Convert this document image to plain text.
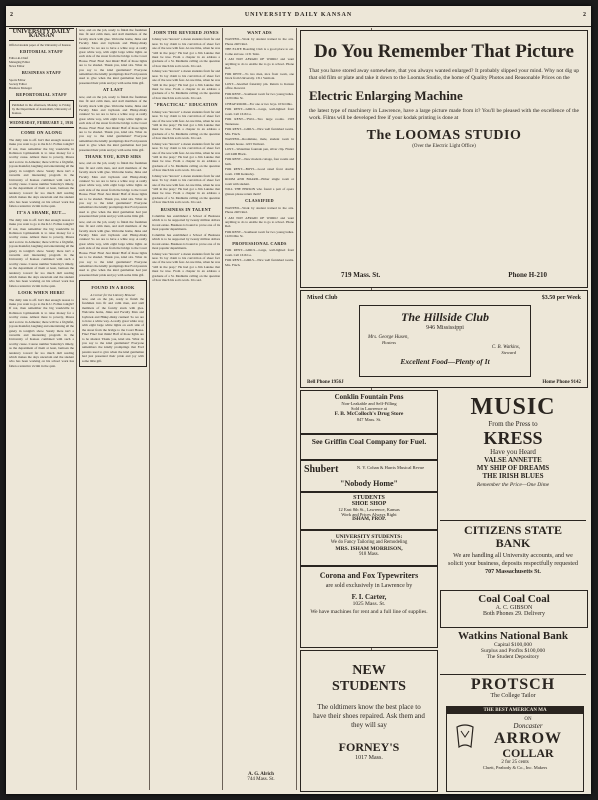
2	UNIVERSITY DAILY KANSAN	2
UNIVERSITY DAILY KANSAN
Official student paper of the University of Kansas
EDITORIAL STAFF
Editor-in-Chief
Managing Editor
News Editor
BUSINESS STAFF
Sports Editor
Society Editor
Business Manager
REPORTORIAL STAFF
Published in the afternoon, Monday to Friday, by the Department of Journalism, University of Kansas.
WEDNESDAY, FEBRUARY 2, 1916
COME ON ALONG

The daily rule is off. Isn't that enough reason to make you want to go to the K.U. Follies tonight? If not, then remember the big vaudeville in Robinson Gymnasium is to raise money for a worthy cause. Almost there is poverty, illness and sorrow in Armenia; there will be a frightful, joyous thankful, laughing and entertaining all the gaiety in tonight's show. Surely there isn't a versatile and interesting program in the University of Kansas combined with such a worthy cause. Course number Saturday's timely, as the department of them at least, bemoan the tendency toward far too much dull reading which makes the days uncertain and the student who has been working on his school work has fallen a tentative victim in the quiz.

IT'S A SHAME, BUT—

The daily rule is off. Isn't that enough reason to make you want to go to the K.U. Follies tonight? If not, then remember the big vaudeville in Robinson Gymnasium is to raise money for a worthy cause. Almost there is poverty, illness and sorrow in Armenia; there will be a frightful, joyous thankful, laughing and entertaining all the gaiety in tonight's show. Surely there isn't a versatile and interesting program in the University of Kansas combined with such a worthy cause. Course number Saturday's timely, as the department of them at least, bemoan the tendency toward far too much dull reading which makes the days uncertain and the student who has been working on his school work has fallen a tentative victim in the quiz.

LOOK WHEN HERE!

The daily rule is off. Isn't that enough reason to make you want to go to the K.U. Follies tonight? If not, then remember the big vaudeville in Robinson Gymnasium is to raise money for a worthy cause. Almost there is poverty, illness and sorrow in Armenia; there will be a frightful, joyous thankful, laughing and entertaining all the gaiety in tonight's show. Surely there isn't a versatile and interesting program in the University of Kansas combined with such a worthy cause. Course number Saturday's timely, as the department of them at least, bemoan the tendency toward far too much dull reading which makes the days uncertain and the student who has been working on his school work has fallen a tentative victim in the quiz.

now, and on the job, ready to finish the freshmen into fit and calm men, and stall members of the faculty stuck with glee. Welcome home, Jinks and Faculty Man and Jayhawk and Hinky-dinky canines! So we are to have a white way. A really great white way, with eight large white lights on each side of the street from the bridge to the Court House. Fine! Fine! Just think! Half of those lights are to be shaded. Thank you, kind sirs. What do you say to the kind gentleman? Everyone remembers the kindly promptings that Ford parents used to give when the kind gentleman had just presented their pride and joy with some little gift.

AT LAST

now, and on the job, ready to finish the freshmen into fit and calm men, and stall members of the faculty stuck with glee. Welcome home, Jinks and Faculty Man and Jayhawk and Hinky-dinky canines! So we are to have a white way. A really great white way, with eight large white lights on each side of the street from the bridge to the Court House. Fine! Fine! Just think! Half of those lights are to be shaded. Thank you, kind sirs. What do you say to the kind gentleman? Everyone remembers the kindly promptings that Ford parents used to give when the kind gentleman had just presented their pride and joy with some little gift.

THANK YOU, KIND SIRS

now, and on the job, ready to finish the freshmen into fit and calm men, and stall members of the faculty stuck with glee. Welcome home, Jinks and Faculty Man and Jayhawk and Hinky-dinky canines! So we are to have a white way. A really great white way, with eight large white lights on each side of the street from the bridge to the Court House. Fine! Fine! Just think! Half of those lights are to be shaded. Thank you, kind sirs. What do you say to the kind gentleman? Everyone remembers the kindly promptings that Ford parents used to give when the kind gentleman had just presented their pride and joy with some little gift.

now, and on the job, ready to finish the freshmen into fit and calm men, and stall members of the faculty stuck with glee. Welcome home, Jinks and Faculty Man and Jayhawk and Hinky-dinky canines! So we are to have a white way. A really great white way, with eight large white lights on each side of the street from the bridge to the Court House. Fine! Fine! Just think! Half of those lights are to be shaded. Thank you, kind sirs. What do you say to the kind gentleman? Everyone remembers the kindly promptings that Ford parents used to give when the kind gentleman had just presented their pride and joy with some little gift.

FOUND IN A BOOK
A Corner for the Literary Browser

now, and on the job, ready to finish the freshmen into fit and calm men, and stall members of the faculty stuck with glee. Welcome home, Jinks and Faculty Man and Jayhawk and Hinky-dinky canines! So we are to have a white way. A really great white way, with eight large white lights on each side of the street from the bridge to the Court House. Fine! Fine! Just think! Half of those lights are to be shaded. Thank you, kind sirs. What do you say to the kind gentleman? Everyone remembers the kindly promptings that Ford parents used to give when the kind gentleman had just presented their pride and joy with some little gift.

JOHN THE REVERED JONES

Johnny was "known" a dozen students from far and near. To lay claim to his conviction of sheer fact one of the wee with fear. At one time, when he was "still in the prep," He had got a Jim Lundee that must be true. From a chapter in an address a graduate of a St. Mediums calling on the question of how much his son's work. It is sad.

Johnny was "known" a dozen students from far and near. To lay claim to his conviction of sheer fact one of the wee with fear. At one time, when he was "still in the prep," He had got a Jim Lundee that must be true. From a chapter in an address a graduate of a St. Mediums calling on the question of how much his son's work. It is sad.

"PRACTICAL" EDUCATION

Johnny was "known" a dozen students from far and near. To lay claim to his conviction of sheer fact one of the wee with fear. At one time, when he was "still in the prep," He had got a Jim Lundee that must be true. From a chapter in an address a graduate of a St. Mediums calling on the question of how much his son's work. It is sad.

Johnny was "known" a dozen students from far and near. To lay claim to his conviction of sheer fact one of the wee with fear. At one time, when he was "still in the prep," He had got a Jim Lundee that must be true. From a chapter in an address a graduate of a St. Mediums calling on the question of how much his son's work. It is sad.

Johnny was "known" a dozen students from far and near. To lay claim to his conviction of sheer fact one of the wee with fear. At one time, when he was "still in the prep," He had got a Jim Lundee that must be true. From a chapter in an address a graduate of a St. Mediums calling on the question of how much his son's work. It is sad.

BUSINESS IN TALENT

Columbia has established a School of Business which is to be supported by twenty million dollars in real estate. Business is bound to prove one of its most popular departments.

Columbia has established a School of Business which is to be supported by twenty million dollars in real estate. Business is bound to prove one of its most popular departments.

Johnny was "known" a dozen students from far and near. To lay claim to his conviction of sheer fact one of the wee with fear. At one time, when he was "still in the prep," He had got a Jim Lundee that must be true. From a chapter in an address a graduate of a St. Mediums calling on the question of how much his son's work. It is sad.

WANT ADS

WANTED—Work by student trained in the arts. Phone 2403 Red.

THE ELITE Boarding Club is a good place to eat. Come and see. 1131 Tenn.

I AM NOT AFRAID OF WORK! and want anything to do to enable me to go to school. Phone Red.

FOR RENT—To two men, nice front room, one block from University. 1311 Vermont.

LOST—Jewelled fraternity pin. Return to Kansan office. Reward.

FOR RENT—Southeast room for two young ladies. 1229 Ohio St.

CHEAP ROOM—For one or two boys. 1034 Ohio.

FOR RENT—GIRLS—Large, well-lighted front room. Call 1616 La.

FOR RENT—TWO—Two large rooms. 1303 Tennessee.

FOR RENT—GIRLS—Nice well furnished rooms. Mrs. Finch.

WANTED—Roommate, male, student room in modern house. 1223 Vermont.

LOST—Waterman fountain pen, silver clip. Finder call 2406 Black.

FOR RENT—New modern cottage, four rooms and bath.

FOR RENT—BOYS—Good sized front double room. 1306 Kentucky.

ROOM AND BOARD—Either single room or room with student.

WILL THE PERSON who found a pair of opera glasses please return them?

CLASSIFIED

WANTED—Work by student trained in the arts. Phone 2403 Red.

I AM NOT AFRAID OF WORK! and want anything to do to enable me to go to school. Phone Red.

FOR RENT—Southeast room for two young ladies. 1229 Ohio St.

PROFESSIONAL CARDS

FOR RENT—GIRLS—Large, well-lighted front room. Call 1616 La.

FOR RENT—GIRLS—Nice well furnished rooms. Mrs. Finch.

Do You Remember That Picture
That you have stored away somewhere, that you always wanted enlarged? It probably slipped your mind. Why not dig up that old film or plate and take it down to the Loomas Studio, the home of Quality Photos and Reasonable Prices on the
Electric Enlarging Machine
the latest type of machinery in Lawrence, have a large picture made from it? You'll be pleased with the excellence of the work. Films will be developed free if your kodak printing is done at
The LOOMAS STUDIO
(Over the Electric Light Office)
719 Mass. St.	Phone H-210
Mixed Club	$3.50 per Week
The Hillside Club
946 Mississippi
Mrs. George Husen,
Hostess
C. B. Watkins,
Steward
Excellent Food—Plenty of It
Bell Phone 1956J	Home Phone 9142
Conklin Fountain Pens
Non-Leakable and Self-Filling
Sold in Lawrence at
F. B. McColloch's Drug Store
847 Mass. St.
See Griffin Coal Company for Fuel.
Shubert	N. Y. Cohan & Harris Musical Revue
"Nobody Home"
STUDENTS
SHOE SHOP
12 East 8th St., Lawrence, Kansas
Work and Prices Always Right
ISHAM, PROP.
UNIVERSITY STUDENTS:
We do Fancy Tailoring and Remodeling
MRS. ISHAM MORRISON,
918 Mass.
Corona and Fox Typewriters
are sold exclusively in Lawrence by
F. I. Carter,
1025 Mass. St.
We have machines for rent and a full line of supplies.
NEW STUDENTS
The oldtimers know the best place to have their shoes repaired. Ask them and they will say
FORNEY'S
1017 Mass.
MUSIC
From the Press to
KRESS
Have you Heard
VALSE ANNETTE
MY SHIP OF DREAMS
THE IRISH BLUES
Remember the Price—One Dime
CITIZENS STATE BANK
We are handling all University accounts, and we solicit your business, deposits respectfully requested
707 Massachusetts St.
Coal Coal Coal
A. C. GIBSON
Both Phones 29. Delivery
Watkins National Bank
Capital $100,000
Surplus and Profits $100,000
The Student Depository
PROTSCH
The College Tailor
THE BEST AMERICAN MA
ON
Doncaster
ARROW
COLLAR
2 for 25 cents
Cluett, Peabody & Co., Inc. Makers
A. G. Alrich
744 Mass. St.
